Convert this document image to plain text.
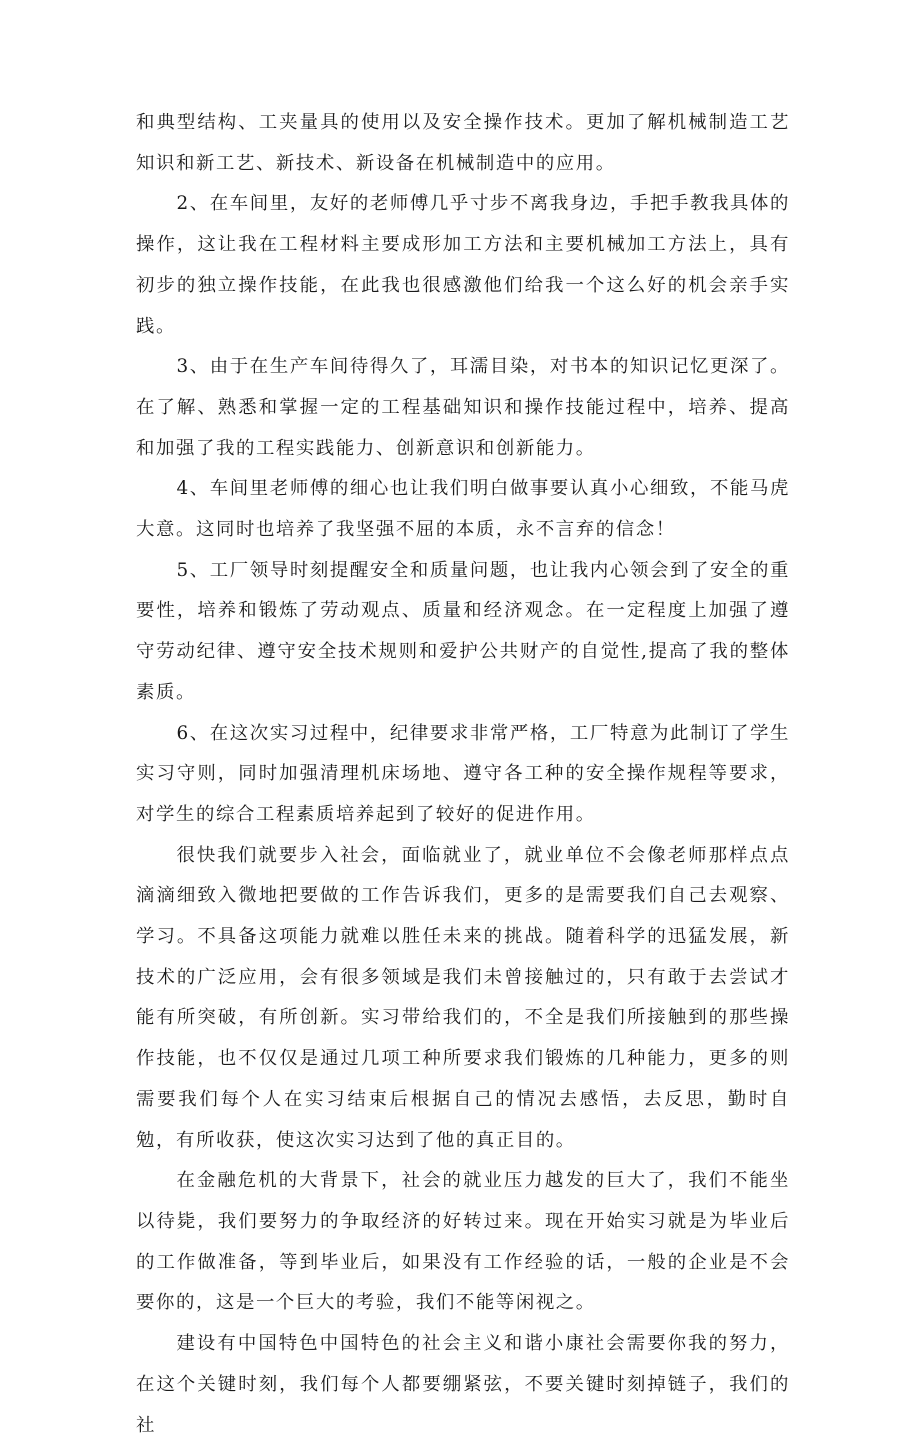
和典型结构、工夹量具的使用以及安全操作技术。更加了解机械制造工艺知识和新工艺、新技术、新设备在机械制造中的应用。

2、在车间里，友好的老师傅几乎寸步不离我身边，手把手教我具体的操作，这让我在工程材料主要成形加工方法和主要机械加工方法上，具有初步的独立操作技能，在此我也很感激他们给我一个这么好的机会亲手实践。

3、由于在生产车间待得久了，耳濡目染，对书本的知识记忆更深了。在了解、熟悉和掌握一定的工程基础知识和操作技能过程中，培养、提高和加强了我的工程实践能力、创新意识和创新能力。

4、车间里老师傅的细心也让我们明白做事要认真小心细致，不能马虎大意。这同时也培养了我坚强不屈的本质，永不言弃的信念！

5、工厂领导时刻提醒安全和质量问题，也让我内心领会到了安全的重要性，培养和锻炼了劳动观点、质量和经济观念。在一定程度上加强了遵守劳动纪律、遵守安全技术规则和爱护公共财产的自觉性,提高了我的整体素质。

6、在这次实习过程中，纪律要求非常严格，工厂特意为此制订了学生实习守则，同时加强清理机床场地、遵守各工种的安全操作规程等要求，对学生的综合工程素质培养起到了较好的促进作用。

很快我们就要步入社会，面临就业了，就业单位不会像老师那样点点滴滴细致入微地把要做的工作告诉我们，更多的是需要我们自己去观察、学习。不具备这项能力就难以胜任未来的挑战。随着科学的迅猛发展，新技术的广泛应用，会有很多领域是我们未曾接触过的，只有敢于去尝试才能有所突破，有所创新。实习带给我们的，不全是我们所接触到的那些操作技能，也不仅仅是通过几项工种所要求我们锻炼的几种能力，更多的则需要我们每个人在实习结束后根据自己的情况去感悟，去反思，勤时自勉，有所收获，使这次实习达到了他的真正目的。

在金融危机的大背景下，社会的就业压力越发的巨大了，我们不能坐以待毙，我们要努力的争取经济的好转过来。现在开始实习就是为毕业后的工作做准备，等到毕业后，如果没有工作经验的话，一般的企业是不会要你的，这是一个巨大的考验，我们不能等闲视之。

建设有中国特色中国特色的社会主义和谐小康社会需要你我的努力，在这个关键时刻，我们每个人都要绷紧弦，不要关键时刻掉链子，我们的社
